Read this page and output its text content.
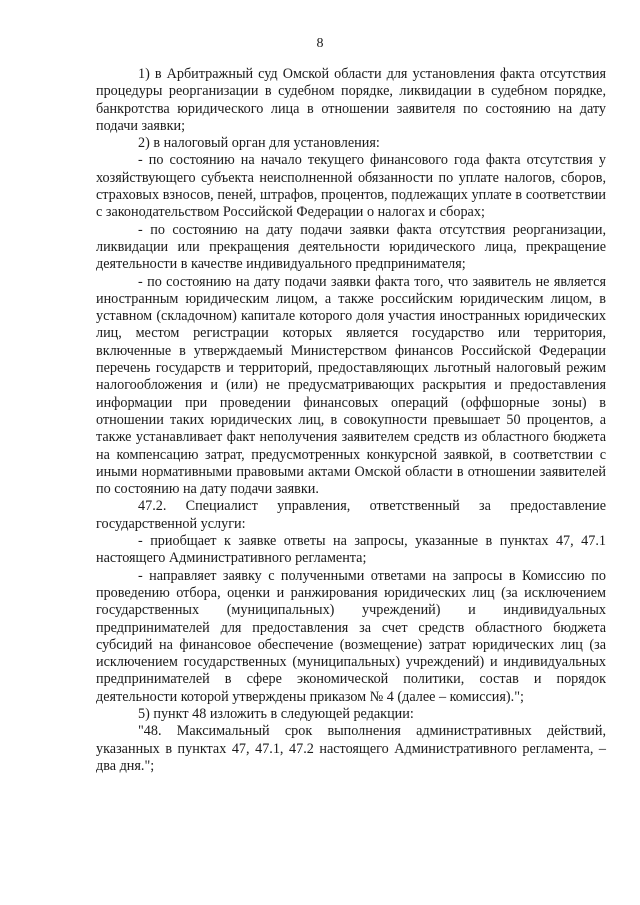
8

1) в Арбитражный суд Омской области для установления факта отсутствия процедуры реорганизации в судебном порядке, ликвидации в судебном порядке, банкротства юридического лица в отношении заявителя по состоянию на дату подачи заявки;

2) в налоговый орган для установления:

- по состоянию на начало текущего финансового года факта отсутствия у хозяйствующего субъекта неисполненной обязанности по уплате налогов, сборов, страховых взносов, пеней, штрафов, процентов, подлежащих уплате в соответствии с законодательством Российской Федерации о налогах и сборах;

- по состоянию на дату подачи заявки факта отсутствия реорганизации, ликвидации или прекращения деятельности юридического лица, прекращение деятельности в качестве индивидуального предпринимателя;

- по состоянию на дату подачи заявки факта того, что заявитель не является иностранным юридическим лицом, а также российским юридическим лицом, в уставном (складочном) капитале которого доля участия иностранных юридических лиц, местом регистрации которых является государство или территория, включенные в утверждаемый Министерством финансов Российской Федерации перечень государств и территорий, предоставляющих льготный налоговый режим налогообложения и (или) не предусматривающих раскрытия и предоставления информации при проведении финансовых операций (оффшорные зоны) в отношении таких юридических лиц, в совокупности превышает 50 процентов, а также устанавливает факт неполучения заявителем средств из областного бюджета на компенсацию затрат, предусмотренных конкурсной заявкой, в соответствии с иными нормативными правовыми актами Омской области в отношении заявителей по состоянию на дату подачи заявки.

47.2. Специалист управления, ответственный за предоставление государственной услуги:

- приобщает к заявке ответы на запросы, указанные в пунктах 47, 47.1 настоящего Административного регламента;

- направляет заявку с полученными ответами на запросы в Комиссию по проведению отбора, оценки и ранжирования юридических лиц (за исключением государственных (муниципальных) учреждений) и индивидуальных предпринимателей для предоставления за счет средств областного бюджета субсидий на финансовое обеспечение (возмещение) затрат юридических лиц (за исключением государственных (муниципальных) учреждений) и индивидуальных предпринимателей в сфере экономической политики, состав и порядок деятельности которой утверждены приказом № 4 (далее – комиссия).";

5) пункт 48 изложить в следующей редакции:

"48. Максимальный срок выполнения административных действий, указанных в пунктах 47, 47.1, 47.2 настоящего Административного регламента, – два дня.";
